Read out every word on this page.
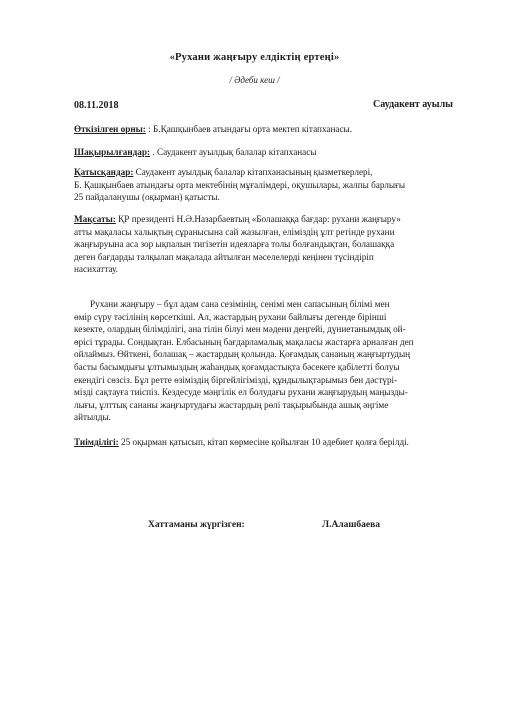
«Рухани жаңғыру елдіктің ертеңі»
/ Әдеби кеш /
08.11.2018	Саудакент ауылы
Өткізілген орны: : Б.Қашқынбаев атындағы орта мектеп кітапханасы.
Шақырылғандар: . Саудакент ауылдық балалар кітапханасы
Қатысқандар: Саудакент ауылдық балалар кітапханасының қызметкерлері,
Б. Қашқынбаев атындағы орта мектебінің мұғалімдері, оқушылары, жалпы барлығы
25 пайдаланушы (оқырман) қатысты.
Мақсаты: ҚР президенті Н.Ә.Назарбаевтың «Болашаққа бағдар: рухани жаңғыру»
атты мақаласы халықтың сұранысына сай жазылған, еліміздің ұлт ретінде рухани
жаңғыруына аса зор ықпалын тигізетін идеяларға толы болғандықтан, болашаққа
деген бағдарды талқылап мақалада айтылған мәселелерді кеңінен түсіндіріп
насихаттау.
Рухани жаңғыру – бұл адам сана сезімінің, сенімі мен сапасының білімі мен
өмір сүру тәсілінің көрсеткіші. Ал, жастардың рухани байлығы дегенде бірінші
кезекте, олардың білімділігі, ана тілін білуі мен мәдени деңгейі, дүниетанымдық ой-
өрісі тұрады. Сондықтан. Елбасының бағдарламалық мақаласы жастарға арналған деп
ойлаймыз. Өйткені, болашақ – жастардың қолында. Қоғамдық сананың жаңғыртудың
басты басымдығы ұлтымыздың жаһандық қоғамдастықта бәсекеге қабілетті болуы
екендігі сөзсіз. Бұл ретте өзіміздің біргейлігімізді, құндылықтарымыз бен дәстүрі-
мізді сақтауға тиіспіз. Кездесуде мәңгілік ел болудағы рухани жаңғырудың маңызды-
лығы, ұлттық сананы жаңғыртудағы жастардың рөлі тақырыбында ашық әңгіме
айтылды.
Тиімділігі: 25 оқырман қатысып, кітап көрмесіне қойылған 10 әдебиет қолға берілді.
Хаттаманы жүргізген:	Л.Алашбаева
